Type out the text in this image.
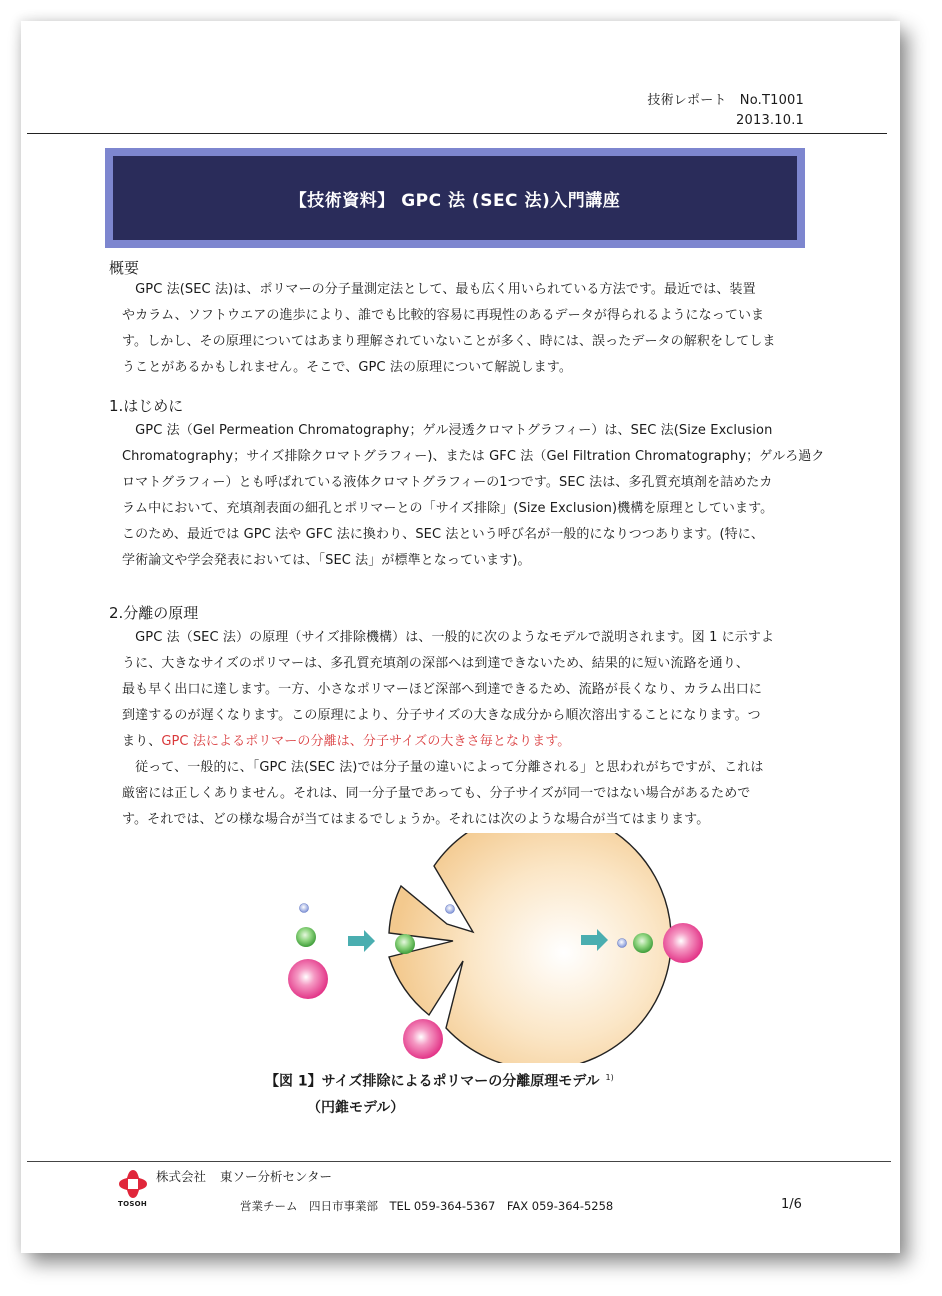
技術レポート　No.T1001
2013.10.1
【技術資料】 GPC 法 (SEC 法)入門講座
概要
　GPC 法(SEC 法)は、ポリマーの分子量測定法として、最も広く用いられている方法です。最近では、装置
やカラム、ソフトウエアの進歩により、誰でも比較的容易に再現性のあるデータが得られるようになっていま
す。しかし、その原理についてはあまり理解されていないことが多く、時には、誤ったデータの解釈をしてしま
うことがあるかもしれません。そこで、GPC 法の原理について解説します。
1.はじめに
　GPC 法（Gel Permeation Chromatography；ゲル浸透クロマトグラフィー）は、SEC 法(Size Exclusion
Chromatography；サイズ排除クロマトグラフィー)、または GFC 法（Gel Filtration Chromatography；ゲルろ過ク
ロマトグラフィー）とも呼ばれている液体クロマトグラフィーの1つです。SEC 法は、多孔質充填剤を詰めたカ
ラム中において、充填剤表面の細孔とポリマーとの「サイズ排除」(Size Exclusion)機構を原理としています。
このため、最近では GPC 法や GFC 法に換わり、SEC 法という呼び名が一般的になりつつあります。(特に、
学術論文や学会発表においては、「SEC 法」が標準となっています)。
2.分離の原理
　GPC 法（SEC 法）の原理（サイズ排除機構）は、一般的に次のようなモデルで説明されます。図 1 に示すよ
うに、大きなサイズのポリマーは、多孔質充填剤の深部へは到達できないため、結果的に短い流路を通り、
最も早く出口に達します。一方、小さなポリマーほど深部へ到達できるため、流路が長くなり、カラム出口に
到達するのが遅くなります。この原理により、分子サイズの大きな成分から順次溶出することになります。つ
まり、GPC 法によるポリマーの分離は、分子サイズの大きさ毎となります。
　従って、一般的に、「GPC 法(SEC 法)では分子量の違いによって分離される」と思われがちですが、これは
厳密には正しくありません。それは、同一分子量であっても、分子サイズが同一ではない場合があるためで
す。それでは、どの様な場合が当てはまるでしょうか。それには次のような場合が当てはまります。
【図 1】サイズ排除によるポリマーの分離原理モデル $^{1)}$
（円錐モデル）
TOSOH
株式会社 東ソー分析センター
営業チーム　四日市事業部　TEL 059-364-5367　FAX 059-364-5258	1/6
